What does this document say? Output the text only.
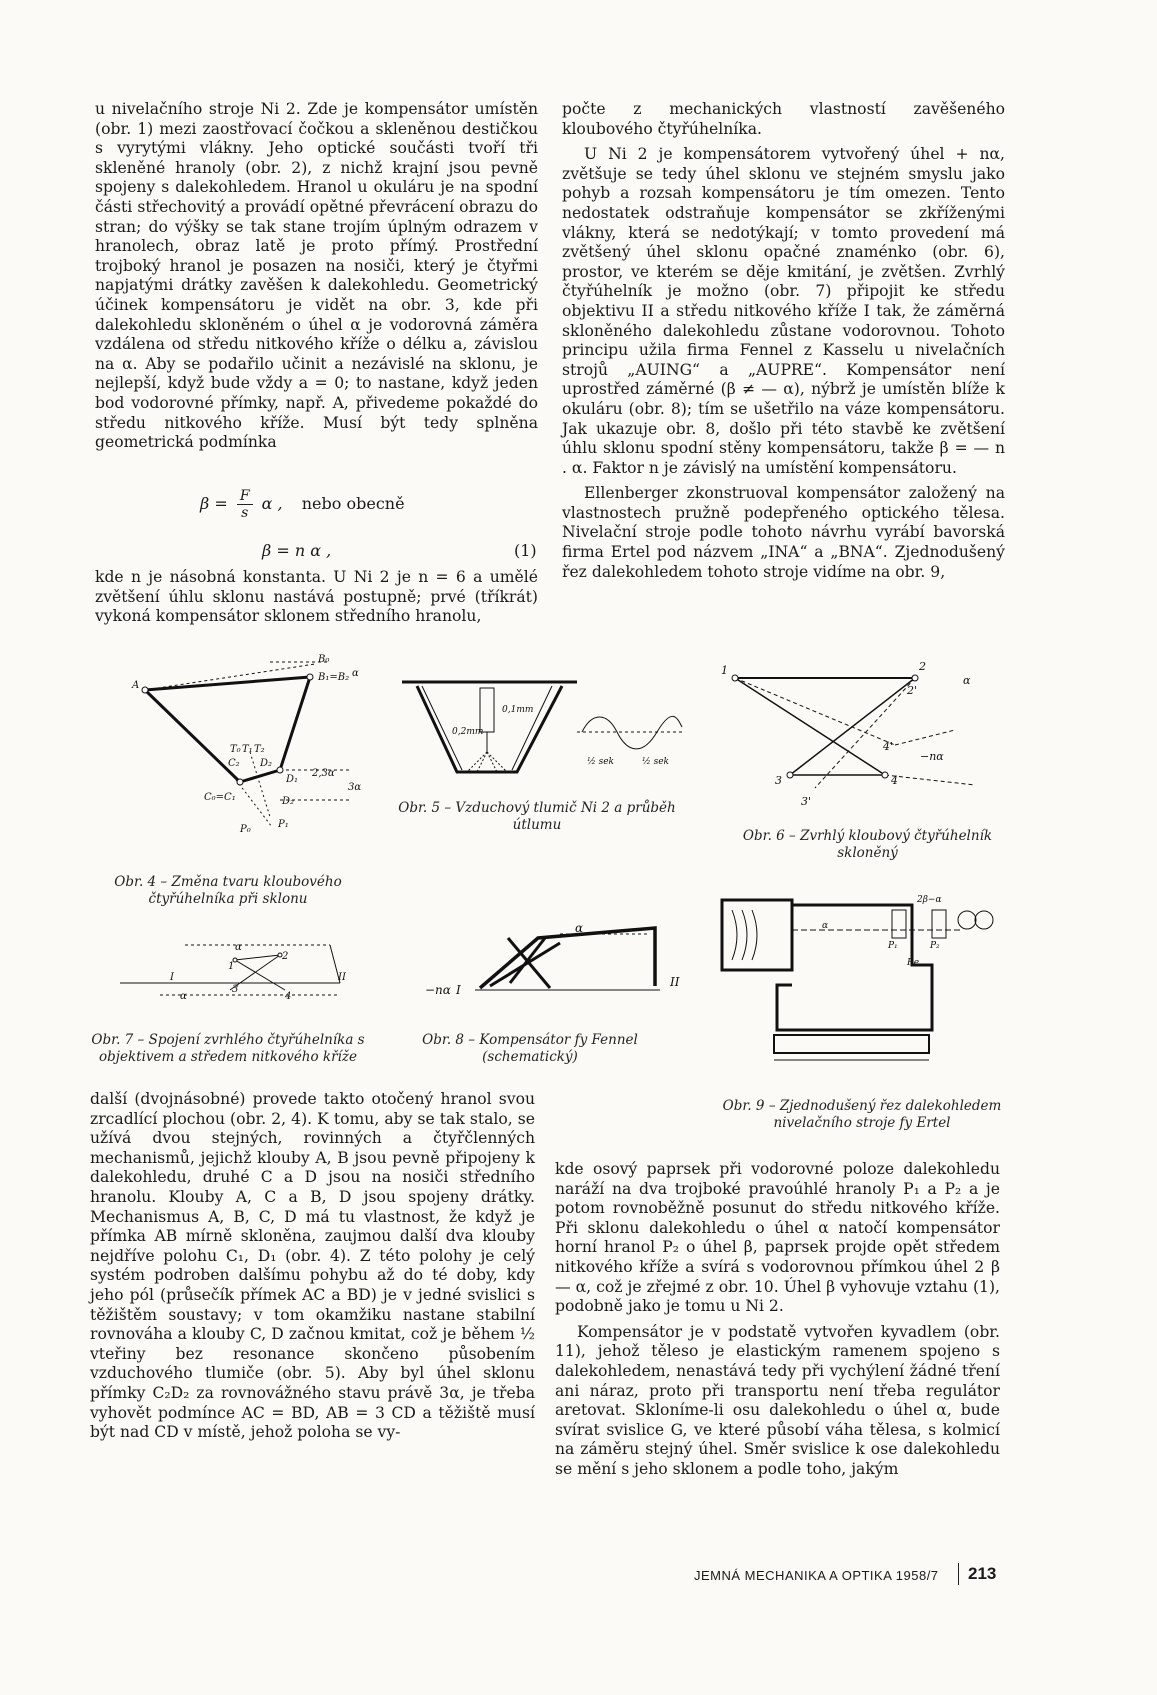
u nivelačního stroje Ni 2. Zde je kompensátor umístěn (obr. 1) mezi zaostřovací čočkou a skleněnou destičkou s vyrytými vlákny. Jeho optické součásti tvoří tři skleněné hranoly (obr. 2), z nichž krajní jsou pevně spojeny s dalekohledem. Hranol u okuláru je na spodní části střechovitý a provádí opětné převrácení obrazu do stran; do výšky se tak stane trojím úplným odrazem v hranolech, obraz latě je proto přímý. Prostřední trojboký hranol je posazen na nosiči, který je čtyřmi napjatými drátky zavěšen k dalekohledu. Geometrický účinek kompensátoru je vidět na obr. 3, kde při dalekohledu skloněném o úhel α je vodorovná záměra vzdálena od středu nitkového kříže o délku a, závislou na α. Aby se podařilo učinit a nezávislé na sklonu, je nejlepší, když bude vždy a = 0; to nastane, když jeden bod vodorovné přímky, např. A, přivedeme pokaždé do středu nitkového kříže. Musí být tedy splněna geometrická podmínka

$\beta = \frac{F}{s}$ α , nebo obecně
β = n α ,	(1)

kde n je násobná konstanta. U Ni 2 je n = 6 a umělé zvětšení úhlu sklonu nastává postupně; prvé (tříkrát) vykoná kompensátor sklonem středního hranolu,

počte z mechanických vlastností zavěšeného kloubového čtyřúhelníka.

U Ni 2 je kompensátorem vytvořený úhel + nα, zvětšuje se tedy úhel sklonu ve stejném smyslu jako pohyb a rozsah kompensátoru je tím omezen. Tento nedostatek odstraňuje kompensátor se zkříženými vlákny, která se nedotýkají; v tomto provedení má zvětšený úhel sklonu opačné znaménko (obr. 6), prostor, ve kterém se děje kmitání, je zvětšen. Zvrhlý čtyřúhelník je možno (obr. 7) připojit ke středu objektivu II a středu nitkového kříže I tak, že záměrná skloněného dalekohledu zůstane vodorovnou. Tohoto principu užila firma Fennel z Kasselu u nivelačních strojů „AUING“ a „AUPRE“. Kompensátor není uprostřed záměrné (β ≠ — α), nýbrž je umístěn blíže k okuláru (obr. 8); tím se ušetřilo na váze kompensátoru. Jak ukazuje obr. 8, došlo při této stavbě ke zvětšení úhlu sklonu spodní stěny kompensátoru, takže β = — n . α. Faktor n je závislý na umístění kompensátoru.

Ellenberger zkonstruoval kompensátor založený na vlastnostech pružně podepřeného optického tělesa. Nivelační stroje podle tohoto návrhu vyrábí bavorská firma Ertel pod názvem „INA“ a „BNA“. Zjednodušený řez dalekohledem tohoto stroje vidíme na obr. 9,

A
B₀
B₁=B₂ α
T₀ T₁ T₂
C₂ D₂
C₀=C₁
D₁
D₂
P₀	P₁
2,3α
3α
Obr. 4 – Změna tvaru kloubového čtyřúhelníka při sklonu
0,1mm
0,2mm
½ sek	½ sek
Obr. 5 – Vzduchový tlumič Ni 2 a průběh útlumu
1	2
2'
3	4
4'
3'
α
−nα
Obr. 6 – Zvrhlý kloubový čtyřúhelník skloněný
I	II
1
2
3
4
α
α
Obr. 7 – Spojení zvrhlého čtyřúhelníka s objektivem a středem nitkového kříže
−nα I
II
α
Obr. 8 – Kompensátor fy Fennel (schematický)
2β−α
α
P₁	P₂
Re
Obr. 9 – Zjednodušený řez dalekohledem nivelačního stroje fy Ertel

další (dvojnásobné) provede takto otočený hranol svou zrcadlící plochou (obr. 2, 4). K tomu, aby se tak stalo, se užívá dvou stejných, rovinných a čtyřčlenných mechanismů, jejichž klouby A, B jsou pevně připojeny k dalekohledu, druhé C a D jsou na nosiči středního hranolu. Klouby A, C a B, D jsou spojeny drátky. Mechanismus A, B, C, D má tu vlastnost, že když je přímka AB mírně skloněna, zaujmou další dva klouby nejdříve polohu C₁, D₁ (obr. 4). Z této polohy je celý systém podroben dalšímu pohybu až do té doby, kdy jeho pól (průsečík přímek AC a BD) je v jedné svislici s těžištěm soustavy; v tom okamžiku nastane stabilní rovnováha a klouby C, D začnou kmitat, což je během ½ vteřiny bez resonance skončeno působením vzduchového tlumiče (obr. 5). Aby byl úhel sklonu přímky C₂D₂ za rovnovážného stavu právě 3α, je třeba vyhovět podmínce AC = BD, AB = 3 CD a těžiště musí být nad CD v místě, jehož poloha se vy-

kde osový paprsek při vodorovné poloze dalekohledu naráží na dva trojboké pravoúhlé hranoly P₁ a P₂ a je potom rovnoběžně posunut do středu nitkového kříže. Při sklonu dalekohledu o úhel α natočí kompensátor horní hranol P₂ o úhel β, paprsek projde opět středem nitkového kříže a svírá s vodorovnou přímkou úhel 2 β — α, což je zřejmé z obr. 10. Úhel β vyhovuje vztahu (1), podobně jako je tomu u Ni 2.

Kompensátor je v podstatě vytvořen kyvadlem (obr. 11), jehož těleso je elastickým ramenem spojeno s dalekohledem, nenastává tedy při vychýlení žádné tření ani náraz, proto při transportu není třeba regulátor aretovat. Skloníme-li osu dalekohledu o úhel α, bude svírat svislice G, ve které působí váha tělesa, s kolmicí na záměru stejný úhel. Směr svislice k ose dalekohledu se mění s jeho sklonem a podle toho, jakým

JEMNÁ MECHANIKA A OPTIKA 1958/7 213
